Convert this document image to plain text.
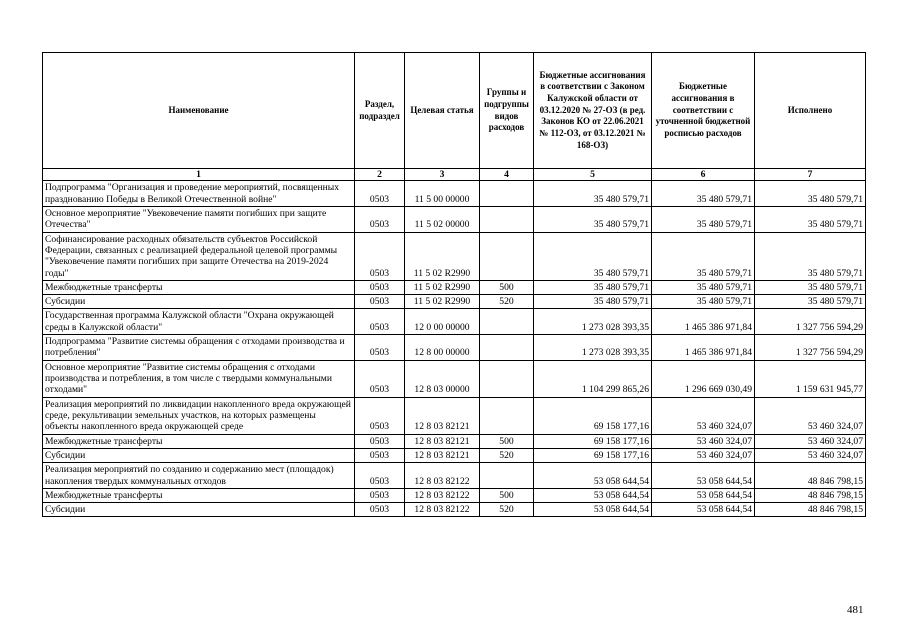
Наименование	Раздел, подраздел	Целевая статья	Группы и подгруппы видов расходов	Бюджетные ассигнования в соответствии с Законом Калужской области от 03.12.2020 № 27-ОЗ (в ред. Законов КО от 22.06.2021 № 112-ОЗ, от 03.12.2021 № 168-ОЗ)	Бюджетные ассигнования в соответствии с уточненной бюджетной росписью расходов	Исполнено
1	2	3	4	5	6	7
Подпрограмма "Организация и проведение мероприятий, посвященных празднованию Победы в Великой Отечественной войне"	0503	11 5 00 00000		35 480 579,71	35 480 579,71	35 480 579,71
Основное мероприятие "Увековечение памяти погибших при защите Отечества"	0503	11 5 02 00000		35 480 579,71	35 480 579,71	35 480 579,71
Софинансирование расходных обязательств субъектов Российской Федерации, связанных с реализацией федеральной целевой программы "Увековечение памяти погибших при защите Отечества на 2019-2024 годы"	0503	11 5 02 R2990		35 480 579,71	35 480 579,71	35 480 579,71
Межбюджетные трансферты	0503	11 5 02 R2990	500	35 480 579,71	35 480 579,71	35 480 579,71
Субсидии	0503	11 5 02 R2990	520	35 480 579,71	35 480 579,71	35 480 579,71
Государственная программа Калужской области "Охрана окружающей среды в Калужской области"	0503	12 0 00 00000		1 273 028 393,35	1 465 386 971,84	1 327 756 594,29
Подпрограмма "Развитие системы обращения с отходами производства и потребления"	0503	12 8 00 00000		1 273 028 393,35	1 465 386 971,84	1 327 756 594,29
Основное мероприятие "Развитие системы обращения с отходами производства и потребления, в том числе с твердыми коммунальными отходами"	0503	12 8 03 00000		1 104 299 865,26	1 296 669 030,49	1 159 631 945,77
Реализация мероприятий по ликвидации накопленного вреда окружающей среде, рекультивации земельных участков, на которых размещены объекты накопленного вреда окружающей среде	0503	12 8 03 82121		69 158 177,16	53 460 324,07	53 460 324,07
Межбюджетные трансферты	0503	12 8 03 82121	500	69 158 177,16	53 460 324,07	53 460 324,07
Субсидии	0503	12 8 03 82121	520	69 158 177,16	53 460 324,07	53 460 324,07
Реализация мероприятий по созданию и содержанию мест (площадок) накопления твердых коммунальных отходов	0503	12 8 03 82122		53 058 644,54	53 058 644,54	48 846 798,15
Межбюджетные трансферты	0503	12 8 03 82122	500	53 058 644,54	53 058 644,54	48 846 798,15
Субсидии	0503	12 8 03 82122	520	53 058 644,54	53 058 644,54	48 846 798,15
481
